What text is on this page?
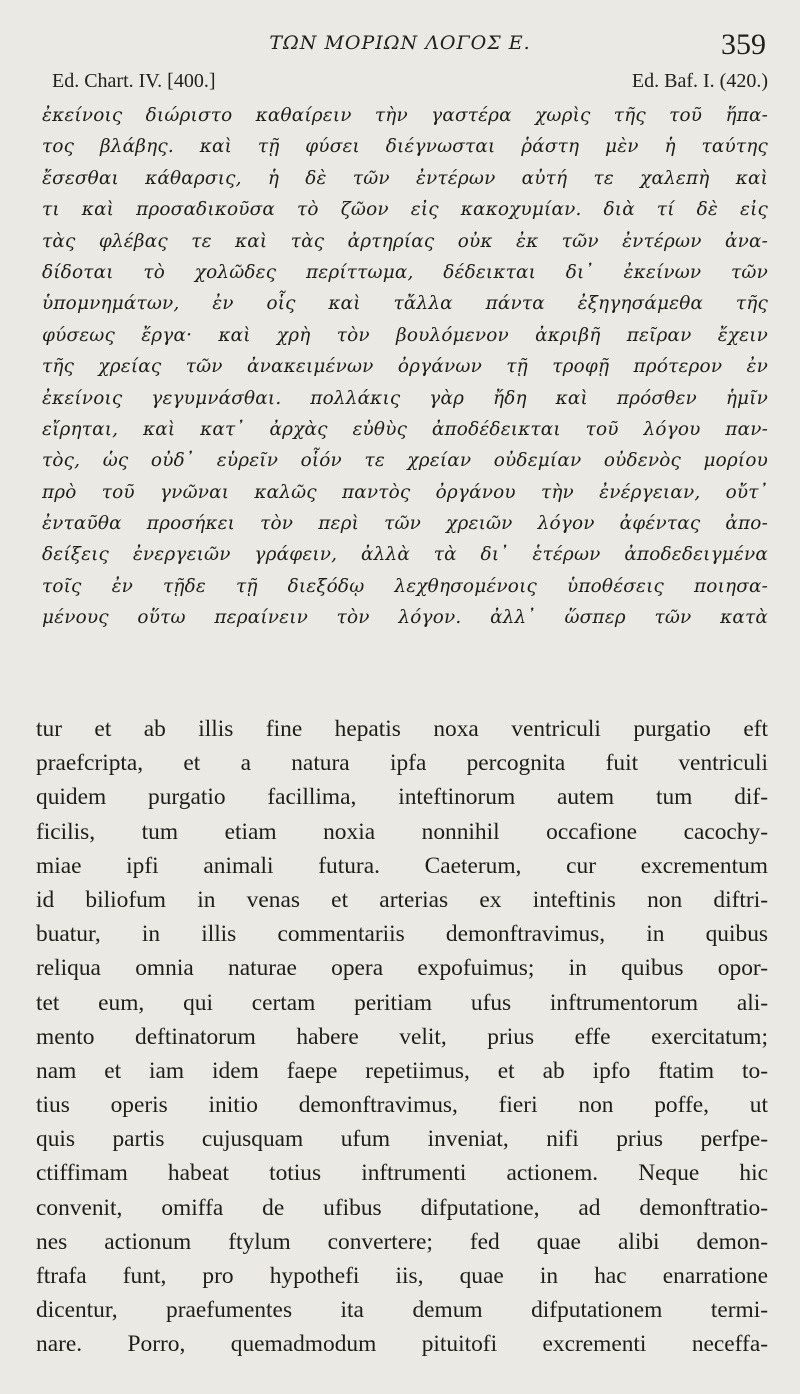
ΤΩΝ ΜΟΡΙΩΝ ΛΟΓΟΣ Ε.	359
Ed. Chart. IV. [400.]	Ed. Baf. I. (420.)
ἐκείνοις διώριστο καθαίρειν τὴν γαστέρα χωρὶς τῆς τοῦ ἥπα-
τος βλάβης. καὶ τῇ φύσει διέγνωσται ῥάστη μὲν ἡ ταύτης
ἔσεσθαι κάθαρσις, ἡ δὲ τῶν ἐντέρων αὐτή τε χαλεπὴ καὶ
τι καὶ προσαδικοῦσα τὸ ζῶον εἰς κακοχυμίαν. διὰ τί δὲ εἰς
τὰς φλέβας τε καὶ τὰς ἀρτηρίας οὐκ ἐκ τῶν ἐντέρων ἀνα-
δίδοται τὸ χολῶδες περίττωμα, δέδεικται δι᾽ ἐκείνων τῶν
ὑπομνημάτων, ἐν οἷς καὶ τἄλλα πάντα ἐξηγησάμεθα τῆς
φύσεως ἔργα· καὶ χρὴ τὸν βουλόμενον ἀκριβῆ πεῖραν ἔχειν
τῆς χρείας τῶν ἀνακειμένων ὀργάνων τῇ τροφῇ πρότερον ἐν
ἐκείνοις γεγυμνάσθαι. πολλάκις γὰρ ἤδη καὶ πρόσθεν ἡμῖν
εἴρηται, καὶ κατ᾽ ἀρχὰς εὐθὺς ἀποδέδεικται τοῦ λόγου παν-
τὸς, ὡς οὐδ᾽ εὑρεῖν οἷόν τε χρείαν οὐδεμίαν οὐδενὸς μορίου
πρὸ τοῦ γνῶναι καλῶς παντὸς ὀργάνου τὴν ἐνέργειαν, οὔτ᾽
ἐνταῦθα προσήκει τὸν περὶ τῶν χρειῶν λόγον ἀφέντας ἀπο-
δείξεις ἐνεργειῶν γράφειν, ἀλλὰ τὰ δι᾽ ἑτέρων ἀποδεδειγμένα
τοῖς ἐν τῇδε τῇ διεξόδῳ λεχθησομένοις ὑποθέσεις ποιησα-
μένους οὕτω περαίνειν τὸν λόγον. ἀλλ᾽ ὥσπερ τῶν κατὰ
tur et ab illis fine hepatis noxa ventriculi purgatio eft
praefcripta, et a natura ipfa percognita fuit ventriculi
quidem purgatio facillima, inteftinorum autem tum dif-
ficilis, tum etiam noxia nonnihil occafione cacochy-
miae ipfi animali futura. Caeterum, cur excrementum
id biliofum in venas et arterias ex inteftinis non diftri-
buatur, in illis commentariis demonftravimus, in quibus
reliqua omnia naturae opera expofuimus; in quibus opor-
tet eum, qui certam peritiam ufus inftrumentorum ali-
mento deftinatorum habere velit, prius effe exercitatum;
nam et iam idem faepe repetiimus, et ab ipfo ftatim to-
tius operis initio demonftravimus, fieri non poffe, ut
quis partis cujusquam ufum inveniat, nifi prius perfpe-
ctiffimam habeat totius inftrumenti actionem. Neque hic
convenit, omiffa de ufibus difputatione, ad demonftratio-
nes actionum ftylum convertere; fed quae alibi demon-
ftrafa funt, pro hypothefi iis, quae in hac enarratione
dicentur, praefumentes ita demum difputationem termi-
nare. Porro, quemadmodum pituitofi excrementi neceffa-
